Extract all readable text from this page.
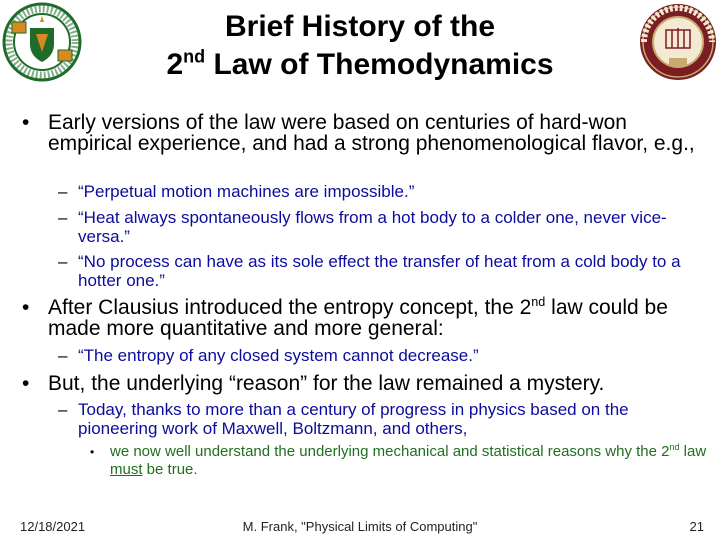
Brief History of the
2nd Law of Themodynamics
• Early versions of the law were based on centuries of hard-won empirical experience, and had a strong phenomenological flavor, e.g.,
– “Perpetual motion machines are impossible.”
– “Heat always spontaneously flows from a hot body to a colder one, never vice-versa.”
– “No process can have as its sole effect the transfer of heat from a cold body to a hotter one.”
• After Clausius introduced the entropy concept, the 2nd law could be made more quantitative and more general:
– “The entropy of any closed system cannot decrease.”
• But, the underlying “reason” for the law remained a mystery.
– Today, thanks to more than a century of progress in physics based on the pioneering work of Maxwell, Boltzmann, and others,
• we now well understand the underlying mechanical and statistical reasons why the 2nd law must be true.
12/18/2021	M. Frank, "Physical Limits of Computing"	21
